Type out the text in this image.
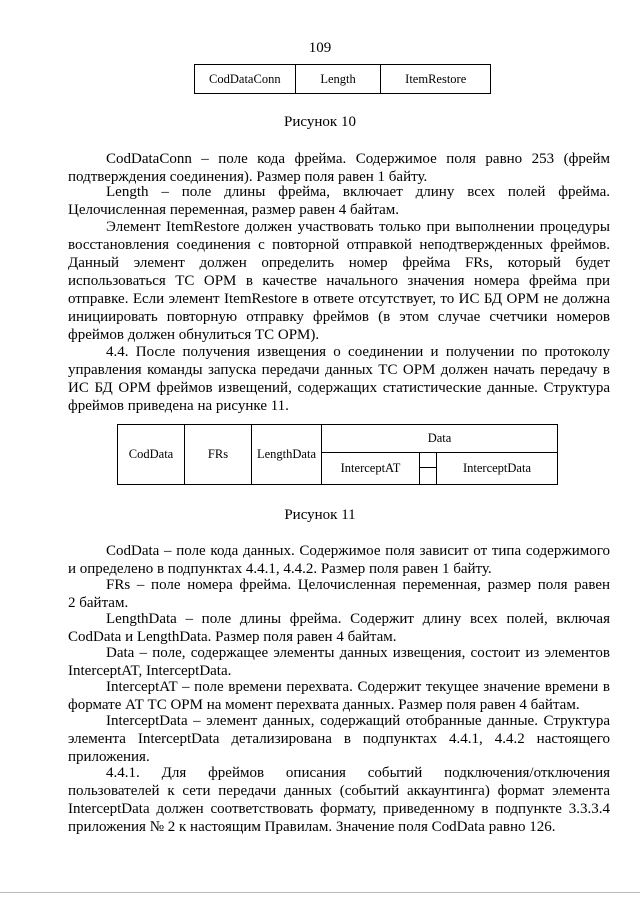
109
CodDataConn	Length	ItemRestore
Рисунок 10
CodDataConn – поле кода фрейма. Содержимое поля равно 253 (фрейм
подтверждения соединения). Размер поля равен 1 байту.
Length – поле длины фрейма, включает длину всех полей фрейма.
Целочисленная переменная, размер равен 4 байтам.
Элемент ItemRestore должен участвовать только при выполнении процедуры
восстановления соединения с повторной отправкой неподтвержденных фреймов.
Данный элемент должен определить номер фрейма FRs, который будет
использоваться ТС ОРМ в качестве начального значения номера фрейма при
отправке. Если элемент ItemRestore в ответе отсутствует, то ИС БД ОРМ не должна
инициировать повторную отправку фреймов (в этом случае счетчики номеров
фреймов должен обнулиться ТС ОРМ).
4.4. После получения извещения о соединении и получении по протоколу
управления команды запуска передачи данных ТС ОРМ должен начать передачу в
ИС БД ОРМ фреймов извещений, содержащих статистические данные. Структура
фреймов приведена на рисунке 11.
CodData	FRs	LengthData
Data
InterceptAT	InterceptData
Рисунок 11
CodData – поле кода данных. Содержимое поля зависит от типа содержимого
и определено в подпунктах 4.4.1, 4.4.2. Размер поля равен 1 байту.
FRs – поле номера фрейма. Целочисленная переменная, размер поля равен
2 байтам.
LengthData – поле длины фрейма. Содержит длину всех полей, включая
CodData и LengthData. Размер поля равен 4 байтам.
Data – поле, содержащее элементы данных извещения, состоит из элементов
InterceptAT, InterceptData.
InterceptAT – поле времени перехвата. Содержит текущее значение времени в
формате АТ ТС ОРМ на момент перехвата данных. Размер поля равен 4 байтам.
InterceptData – элемент данных, содержащий отобранные данные. Структура
элемента InterceptData детализирована в подпунктах 4.4.1, 4.4.2 настоящего
приложения.
4.4.1. Для фреймов описания событий подключения/отключения
пользователей к сети передачи данных (событий аккаунтинга) формат элемента
InterceptData должен соответствовать формату, приведенному в подпункте 3.3.3.4
приложения № 2 к настоящим Правилам. Значение поля CodData равно 126.
